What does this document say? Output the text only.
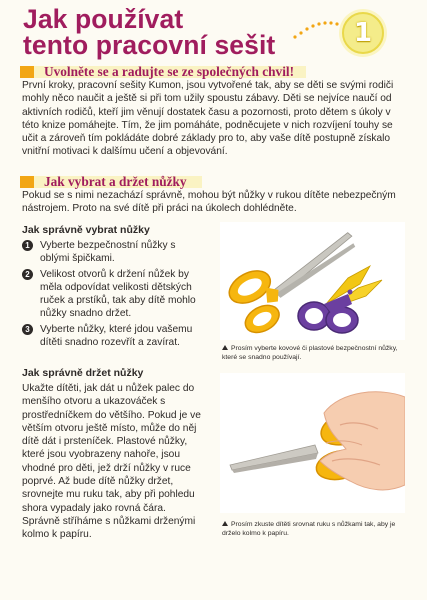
Jak používat
tento pracovní sešit	1
Uvolněte se a radujte se ze společných chvil!

První kroky, pracovní sešity Kumon, jsou vytvořené tak, aby se děti se svými rodiči mohly něco naučit a ještě si při tom užily spoustu zábavy. Děti se nejvíce naučí od aktivních rodičů, kteří jim věnují dostatek času a pozornosti, proto dětem s úkoly v této knize pomáhejte. Tím, že jim pomáháte, podněcujete v nich rozvíjení touhy se učit a zároveň tím pokládáte dobré základy pro to, aby vaše dítě postupně získalo vnitřní motivaci k dalšímu učení a objevování.

Jak vybrat a držet nůžky

Pokud se s nimi nezachází správně, mohou být nůžky v rukou dítěte nebezpečným nástrojem. Proto na své dítě při práci na úkolech dohlédněte.

Jak správně vybrat nůžky
1	Vyberte bezpečnostní nůžky s oblými špičkami.
2	Velikost otvorů k držení nůžek by měla odpovídat velikosti dětských ruček a prstíků, tak aby dítě mohlo nůžky snadno držet.
3	Vyberte nůžky, které jdou vašemu dítěti snadno rozevřít a zavírat.
Prosím vyberte kovové či plastové bezpečnostní nůžky, které se snadno používají.
Jak správně držet nůžky

Ukažte dítěti, jak dát u nůžek palec do menšího otvoru a ukazováček s prostředníčkem do většího. Pokud je ve větším otvoru ještě místo, může do něj dítě dát i prsteníček. Plastové nůžky, které jsou vyobrazeny nahoře, jsou vhodné pro děti, jež drží nůžky v ruce poprvé. Až bude dítě nůžky držet, srovnejte mu ruku tak, aby při pohledu shora vypadaly jako rovná čára. Správně stříháme s nůžkami drženými kolmo k papíru.

Prosím zkuste dítěti srovnat ruku s nůžkami tak, aby je drželo kolmo k papíru.
